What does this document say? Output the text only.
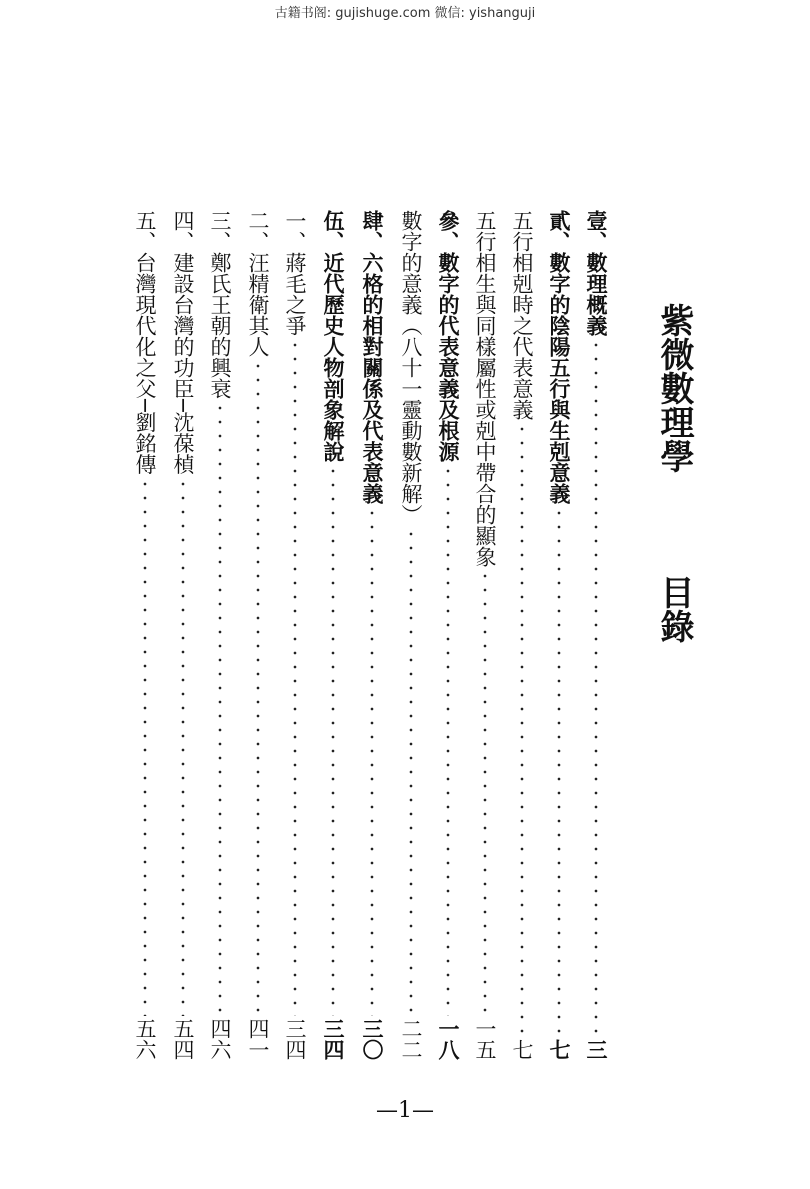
古籍书阁: gujishuge.com 微信: yishanguji
紫微數理學
目錄
壹、數理概義
三
貳、數字的陰陽五行與生剋意義
七
五行相剋時之代表意義
七
五行相生與同樣屬性或剋中帶合的顯象
一五
參、數字的代表意義及根源
一八
數字的意義（八十一靈動數新解）
二二
肆、六格的相對關係及代表意義
三〇
伍、近代歷史人物剖象解說
三四
一、蔣毛之爭
三四
二、汪精衛其人
四一
三、鄭氏王朝的興衰
四六
四、建設台灣的功臣─沈葆楨
五四
五、台灣現代化之父─劉銘傳
五六
—1—
